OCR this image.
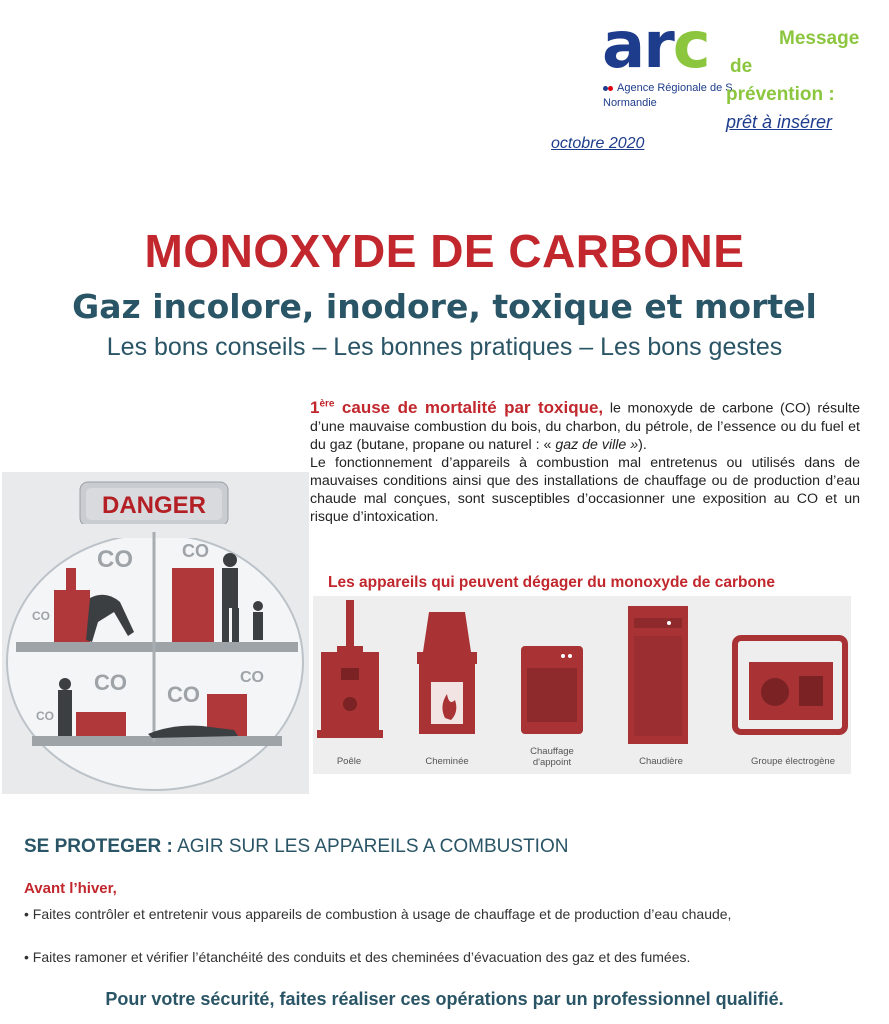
arc
Agence Régionale de S
Normandie
Message
de
prévention :
prêt à insérer
octobre 2020
MONOXYDE DE CARBONE
Gaz incolore, inodore, toxique et mortel
Les bons conseils – Les bonnes pratiques – Les bons gestes
1ère cause de mortalité par toxique, le monoxyde de carbone (CO) résulte d’une mauvaise combustion du bois, du charbon, du pétrole, de l’essence ou du fuel et du gaz (butane, propane ou naturel : « gaz de ville »).
Le fonctionnement d’appareils à combustion mal entretenus ou utilisés dans de mauvaises conditions ainsi que des installations de chauffage ou de production d’eau chaude mal conçues, sont susceptibles d’occasionner une exposition au CO et un risque d’intoxication.
DANGER
CO	CO
CO
CO CO
CO
CO
Les appareils qui peuvent dégager du monoxyde de carbone
Poêle	Cheminée
Chauffage d'appoint	Chaudière	Groupe électrogène
SE PROTEGER : AGIR SUR LES APPAREILS A COMBUSTION
Avant l’hiver,
• Faites contrôler et entretenir vous appareils de combustion à usage de chauffage et de production d’eau chaude,
• Faites ramoner et vérifier l’étanchéité des conduits et des cheminées d’évacuation des gaz et des fumées.
Pour votre sécurité, faites réaliser ces opérations par un professionnel qualifié.
